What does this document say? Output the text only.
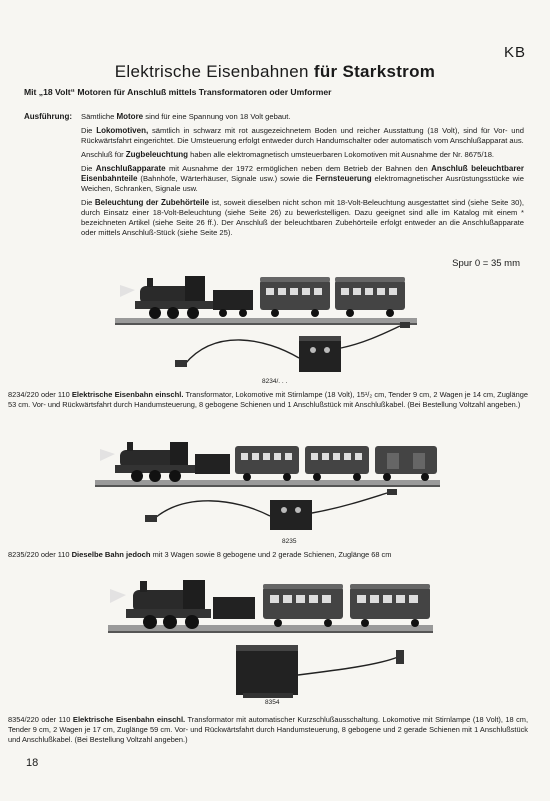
KB
Elektrische Eisenbahnen für Starkstrom
Mit „18 Volt“ Motoren für Anschluß mittels Transformatoren oder Umformer
Ausführung: Sämtliche Motore sind für eine Spannung von 18 Volt gebaut.

Die Lokomotiven, sämtlich in schwarz mit rot ausgezeichnetem Boden und reicher Ausstattung (18 Volt), sind für Vor- und Rückwärtsfahrt eingerichtet. Die Umsteuerung erfolgt entweder durch Handumschalter oder automatisch vom Anschlußapparat aus.

Anschluß für Zugbeleuchtung haben alle elektromagnetisch umsteuerbaren Lokomotiven mit Ausnahme der Nr. 8675/18.

Die Anschlußapparate mit Ausnahme der 1972 ermöglichen neben dem Betrieb der Bahnen den Anschluß beleuchtbarer Eisenbahnteile (Bahnhöfe, Wärterhäuser, Signale usw.) sowie die Fernsteuerung elektromagnetischer Ausrüstungsstücke wie Weichen, Schranken, Signale usw.

Die Beleuchtung der Zubehörteile ist, soweit dieselben nicht schon mit 18-Volt-Beleuchtung ausgestattet sind (siehe Seite 30), durch Einsatz einer 18-Volt-Beleuchtung (siehe Seite 26) zu bewerkstelligen. Dazu geeignet sind alle im Katalog mit einem * bezeichneten Artikel (siehe Seite 26 ff.). Der Anschluß der beleuchtbaren Zubehörteile erfolgt entweder an die Anschlußapparate oder mittels Anschluß-Stück (siehe Seite 25).

Spur 0 = 35 mm
8234/. . .
8234/220 oder 110 Elektrische Eisenbahn einschl. Transformator, Lokomotive mit Stirnlampe (18 Volt), 15¹/₂ cm, Tender 9 cm, 2 Wagen je 14 cm, Zuglänge 53 cm. Vor- und Rückwärtsfahrt durch Handumsteuerung, 8 gebogene Schienen und 1 Anschlußstück mit Anschlußkabel. (Bei Bestellung Voltzahl angeben.)
8235
8235/220 oder 110 Dieselbe Bahn jedoch mit 3 Wagen sowie 8 gebogene und 2 gerade Schienen, Zuglänge 68 cm
8354
8354/220 oder 110 Elektrische Eisenbahn einschl. Transformator mit automatischer Kurzschlußausschaltung. Lokomotive mit Stirnlampe (18 Volt), 18 cm, Tender 9 cm, 2 Wagen je 17 cm, Zuglänge 59 cm. Vor- und Rückwärtsfahrt durch Handumsteuerung, 8 gebogene und 2 gerade Schienen mit 1 Anschlußstück und Anschlußkabel. (Bei Bestellung Voltzahl angeben.)
18
